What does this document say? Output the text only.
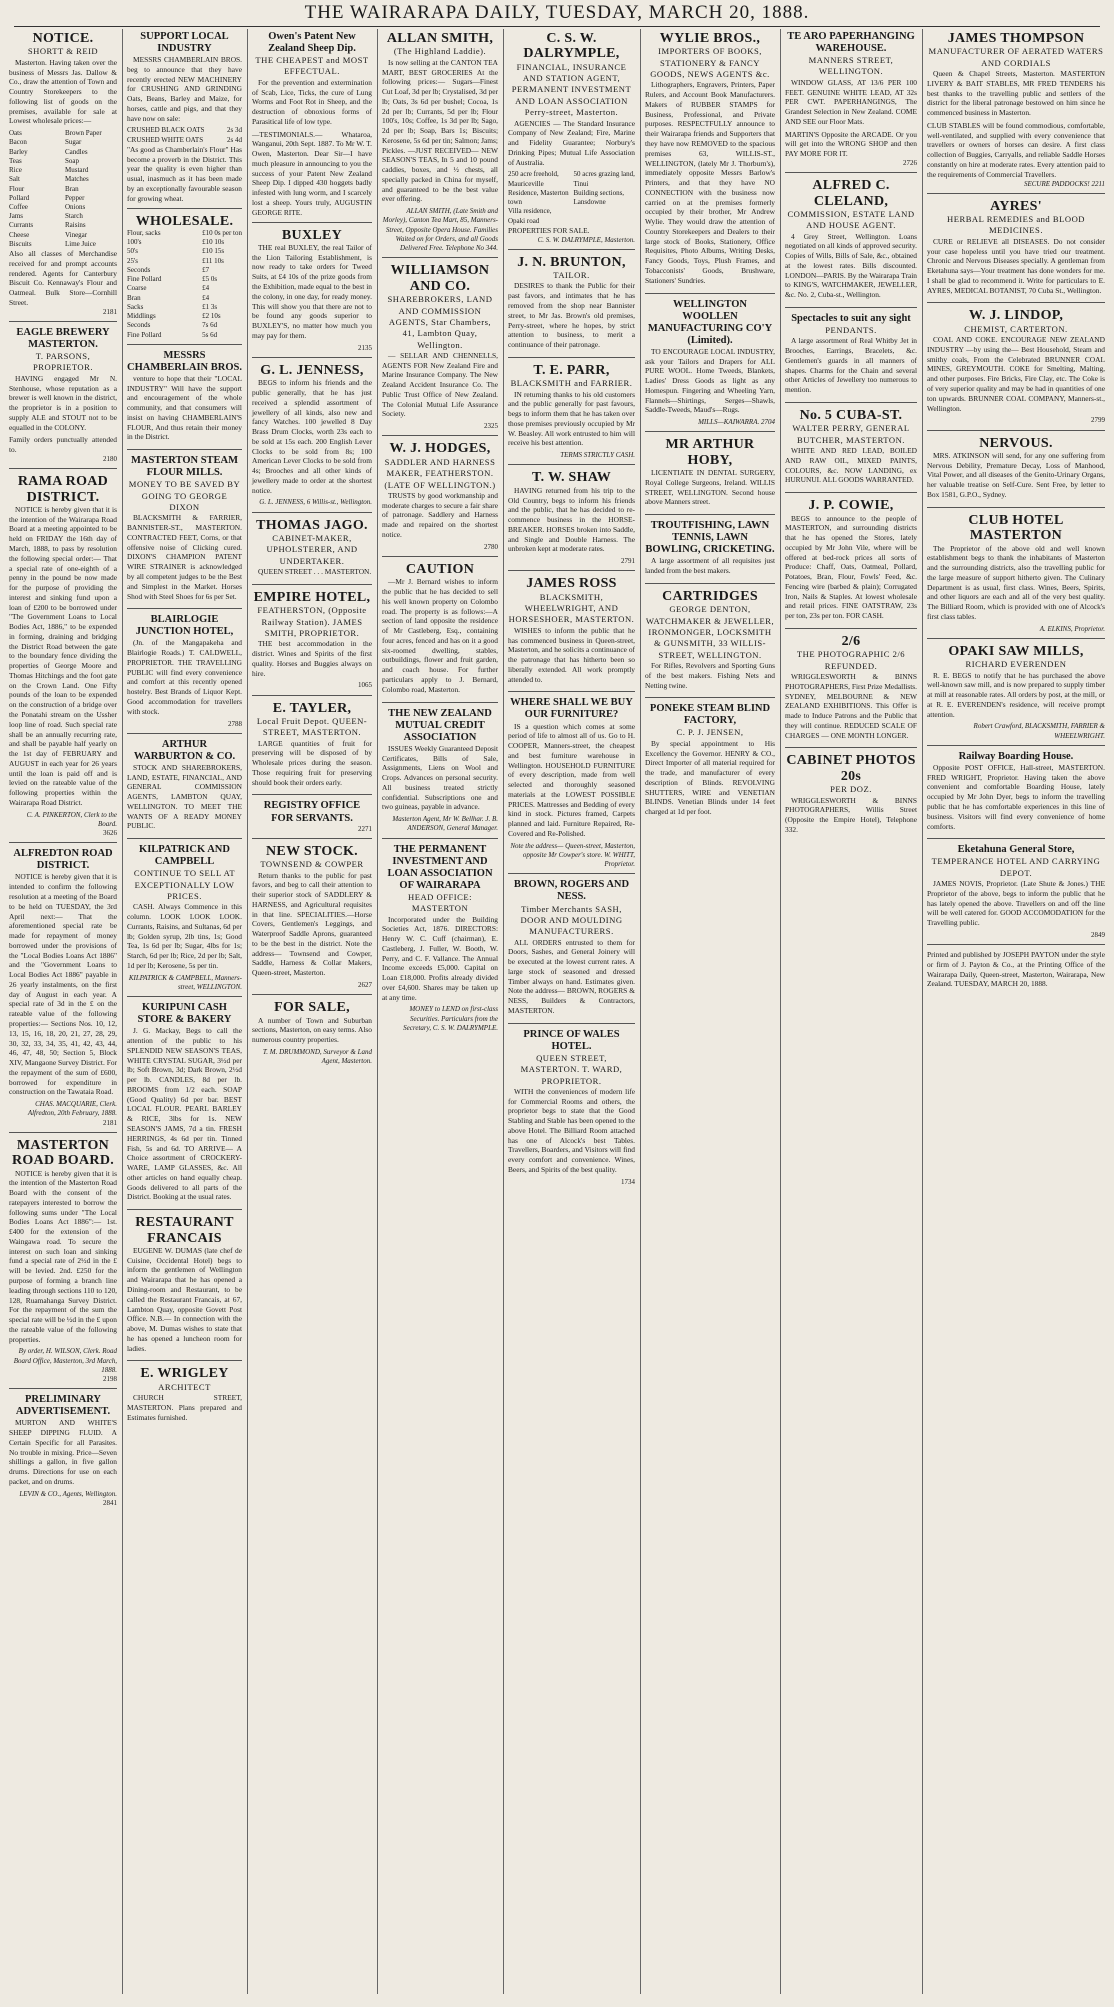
THE WAIRARAPA DAILY, TUESDAY, MARCH 20, 1888.
NOTICE.
SHORTT & REID

Masterton. Having taken over the business of Messrs Jas. Dallow & Co., draw the attention of Town and Country Storekeepers to the following list of goods on the premises, available for sale at Lowest wholesale prices:—

Oats	Brown Paper
Bacon	Sugar
Barley	Candles
Teas	Soap
Rice	Mustard
Salt	Matches
Flour	Bran
Pollard	Pepper
Coffee	Onions
Jams	Starch
Currants	Raisins
Cheese	Vinegar
Biscuits	Lime Juice
Also all classes of Merchandise received for and prompt accounts rendered. Agents for Canterbury Biscuit Co. Kennaway's Flour and Oatmeal. Bulk Store—Cornhill Street.
2181
EAGLE BREWERY MASTERTON.
T. PARSONS, PROPRIETOR.

HAVING engaged Mr N. Stenhouse, whose reputation as a brewer is well known in the district, the proprietor is in a position to supply ALE and STOUT not to be equalled in the COLONY.

Family orders punctually attended to.
2180
RAMA ROAD DISTRICT.

NOTICE is hereby given that it is the intention of the Wairarapa Road Board at a meeting appointed to be held on FRIDAY the 16th day of March, 1888, to pass by resolution the following special order:— That a special rate of one-eighth of a penny in the pound be now made for the purpose of providing the interest and sinking fund upon a loan of £200 to be borrowed under "The Government Loans to Local Bodies Act, 1886," to be expended in forming, draining and bridging the District Road between the gate to the boundary fence dividing the properties of George Moore and Thomas Hitchings and the foot gate on the Crown Land. One Fifty pounds of the loan to be expended on the construction of a bridge over the Ponatahi stream on the Ussher loop line of road. Such special rate shall be an annually recurring rate, and shall be payable half yearly on the 1st day of FEBRUARY and AUGUST in each year for 26 years until the loan is paid off and is levied on the rateable value of the following properties within the Wairarapa Road District.

C. A. PINKERTON, Clerk to the Board.
3626
ALFREDTON ROAD DISTRICT.

NOTICE is hereby given that it is intended to confirm the following resolution at a meeting of the Board to be held on TUESDAY, the 3rd April next:— That the aforementioned special rate be made for repayment of money borrowed under the provisions of the "Local Bodies Loans Act 1886" and the "Government Loans to Local Bodies Act 1886" payable in 26 yearly instalments, on the first day of August in each year. A special rate of 3d in the £ on the rateable value of the following properties:— Sections Nos. 10, 12, 13, 15, 16, 18, 20, 21, 27, 28, 29, 30, 32, 33, 34, 35, 41, 42, 43, 44, 46, 47, 48, 50; Section 5, Block XIV, Mangaone Survey District. For the repayment of the sum of £600, borrowed for expenditure in construction on the Tawataia Road.

CHAS. MACQUARIE, Clerk. Alfredton, 20th February, 1888.
2181
MASTERTON ROAD BOARD.

NOTICE is hereby given that it is the intention of the Masterton Road Board with the consent of the ratepayers interested to borrow the following sums under "The Local Bodies Loans Act 1886":— 1st. £400 for the extension of the Waingawa road. To secure the interest on such loan and sinking fund a special rate of 2½d in the £ will be levied. 2nd. £250 for the purpose of forming a branch line leading through sections 110 to 120, 128, Ruamahanga Survey District. For the repayment of the sum the special rate will be ½d in the £ upon the rateable value of the following properties.

By order, H. WILSON, Clerk. Road Board Office, Masterton, 3rd March, 1888.
2198
PRELIMINARY ADVERTISEMENT.

MURTON AND WHITE'S SHEEP DIPPING FLUID. A Certain Specific for all Parasites. No trouble in mixing. Price—Seven shillings a gallon, in five gallon drums. Directions for use on each packet, and on drums.

LEVIN & CO., Agents, Wellington.
2841
SUPPORT LOCAL INDUSTRY

MESSRS CHAMBERLAIN BROS. beg to announce that they have recently erected NEW MACHINERY for CRUSHING AND GRINDING Oats, Beans, Barley and Maize, for horses, cattle and pigs, and that they have now on sale:

CRUSHED BLACK OATS	2s 3d
CRUSHED WHITE OATS	2s 4d
"As good as Chamberlain's Flour" Has become a proverb in the District. This year the quality is even higher than usual, inasmuch as it has been made by an exceptionally favourable season for growing wheat.
WHOLESALE.
Flour, sacks	£10 0s per ton
100's	£10 10s
50's	£10 15s
25's	£11 10s
Seconds	£7
Fine Pollard	£5 0s
Coarse	£4
Bran	£4
Sacks	£1 3s
Middlings	£2 10s
Seconds	7s 6d
Fine Pollard	5s 6d
MESSRS CHAMBERLAIN BROS.

venture to hope that their "LOCAL INDUSTRY" Will have the support and encouragement of the whole community, and that consumers will insist on having CHAMBERLAIN'S FLOUR, And thus retain their money in the District.

MASTERTON STEAM FLOUR MILLS.
MONEY TO BE SAVED BY GOING TO GEORGE DIXON

BLACKSMITH & FARRIER, BANNISTER-ST., MASTERTON. CONTRACTED FEET, Corns, or that offensive noise of Clicking cured. DIXON'S CHAMPION PATENT WIRE STRAINER is acknowledged by all competent judges to be the Best and Simplest in the Market. Horses Shod with Steel Shoes for 6s per Set.

BLAIRLOGIE JUNCTION HOTEL,

(Jn. of the Mangapakeha and Blairlogie Roads.) T. CALDWELL, PROPRIETOR. THE TRAVELLING PUBLIC will find every convenience and comfort at this recently opened hostelry. Best Brands of Liquor Kept. Good accommodation for travellers with stock.

2788
ARTHUR WARBURTON & CO.

STOCK AND SHAREBROKERS, LAND, ESTATE, FINANCIAL, AND GENERAL COMMISSION AGENTS, LAMBTON QUAY, WELLINGTON. TO MEET THE WANTS OF A READY MONEY PUBLIC.

KILPATRICK AND CAMPBELL
CONTINUE TO SELL AT EXCEPTIONALLY LOW PRICES.

CASH. Always Commence in this column. LOOK LOOK LOOK. Currants, Raisins, and Sultanas, 6d per lb; Golden syrup, 2lb tins, 1s; Good Tea, 1s 6d per lb; Sugar, 4lbs for 1s; Starch, 6d per lb; Rice, 2d per lb; Salt, 1d per lb; Kerosene, 5s per tin.

KILPATRICK & CAMPBELL, Manners-street, WELLINGTON.
KURIPUNI CASH STORE & BAKERY

J. G. Mackay, Begs to call the attention of the public to his SPLENDID NEW SEASON'S TEAS, WHITE CRYSTAL SUGAR, 3½d per lb; Soft Brown, 3d; Dark Brown, 2½d per lb. CANDLES, 8d per lb. BROOMS from 1/2 each. SOAP (Good Quality) 6d per bar. BEST LOCAL FLOUR. PEARL BARLEY & RICE, 3lbs for 1s. NEW SEASON'S JAMS, 7d a tin. FRESH HERRINGS, 4s 6d per tin. Tinned Fish, 5s and 6d. TO ARRIVE— A Choice assortment of CROCKERY-WARE, LAMP GLASSES, &c. All other articles on hand equally cheap. Goods delivered to all parts of the District. Booking at the usual rates.

RESTAURANT FRANCAIS

EUGENE W. DUMAS (late chef de Cuisine, Occidental Hotel) begs to inform the gentlemen of Wellington and Wairarapa that he has opened a Dining-room and Restaurant, to be called the Restaurant Francais, at 67, Lambton Quay, opposite Govett Post Office. N.B.— In connection with the above, M. Dumas wishes to state that he has opened a luncheon room for ladies.

E. WRIGLEY
ARCHITECT

CHURCH STREET, MASTERTON. Plans prepared and Estimates furnished.

Owen's Patent New Zealand Sheep Dip.
THE CHEAPEST and MOST EFFECTUAL.

For the prevention and extermination of Scab, Lice, Ticks, the cure of Lung Worms and Foot Rot in Sheep, and the destruction of obnoxious forms of Parasitical life of low type.

—TESTIMONIALS.— Whataroa, Wanganui, 20th Sept. 1887. To Mr W. T. Owen, Masterton. Dear Sir—I have much pleasure in announcing to you the success of your Patent New Zealand Sheep Dip. I dipped 430 hoggets badly infested with lung worm, and I scarcely lost a sheep. Yours truly, AUGUSTIN GEORGE RITE.
BUXLEY

THE real BUXLEY, the real Tailor of the Lion Tailoring Establishment, is now ready to take orders for Tweed Suits, at £4 10s of the prize goods from the Exhibition, made equal to the best in the colony, in one day, for ready money. This will show you that there are not to be found any goods superior to BUXLEY'S, no matter how much you may pay for them.

2135
G. L. JENNESS,

BEGS to inform his friends and the public generally, that he has just received a splendid assortment of jewellery of all kinds, also new and fancy Watches. 100 jewelled 8 Day Brass Drum Clocks, worth 23s each to be sold at 15s each. 200 English Lever Clocks to be sold from 8s; 100 American Lever Clocks to be sold from 4s; Brooches and all other kinds of jewellery made to order at the shortest notice.

G. L. JENNESS, 6 Willis-st., Wellington.
THOMAS JAGO.
CABINET-MAKER, UPHOLSTERER, AND UNDERTAKER.

QUEEN STREET . . . MASTERTON.

EMPIRE HOTEL,
FEATHERSTON, (Opposite Railway Station). JAMES SMITH, PROPRIETOR.

THE best accommodation in the district. Wines and Spirits of the first quality. Horses and Buggies always on hire.

1065
E. TAYLER,
Local Fruit Depot. QUEEN-STREET, MASTERTON.

LARGE quantities of fruit for preserving will be disposed of by Wholesale prices during the season. Those requiring fruit for preserving should book their orders early.

REGISTRY OFFICE FOR SERVANTS.
2271
NEW STOCK.
TOWNSEND & COWPER

Return thanks to the public for past favors, and beg to call their attention to their superior stock of SADDLERY & HARNESS, and Agricultural requisites in that line. SPECIALITIES.—Horse Covers, Gentlemen's Leggings, and Waterproof Saddle Aprons, guaranteed to be the best in the district. Note the address— Townsend and Cowper, Saddle, Harness & Collar Makers, Queen-street, Masterton.

2627
FOR SALE,

A number of Town and Suburban sections, Masterton, on easy terms. Also numerous country properties.

T. M. DRUMMOND, Surveyor & Land Agent, Masterton.
ALLAN SMITH,
(The Highland Laddie).

Is now selling at the CANTON TEA MART, BEST GROCERIES At the following prices:— Sugars—Finest Cut Loaf, 3d per lb; Crystalised, 3d per lb; Oats, 3s 6d per bushel; Cocoa, 1s 2d per lb; Currants, 5d per lb; Flour 100's, 10s; Coffee, 1s 3d per lb; Sago, 2d per lb; Soap, Bars 1s; Biscuits; Kerosene, 5s 6d per tin; Salmon; Jams; Pickles. —JUST RECEIVED— NEW SEASON'S TEAS, In 5 and 10 pound caddies, boxes, and ½ chests, all specially packed in China for myself, and guaranteed to be the best value ever offering.

ALLAN SMITH, (Late Smith and Morley), Canton Tea Mart, 85, Manners-Street, Opposite Opera House. Families Waited on for Orders, and all Goods Delivered Free. Telephone No 344.
WILLIAMSON AND CO.
SHAREBROKERS, LAND AND COMMISSION AGENTS, Star Chambers, 41, Lambton Quay, Wellington.

— SELLAR AND CHENNELLS, AGENTS FOR New Zealand Fire and Marine Insurance Company. The New Zealand Accident Insurance Co. The Public Trust Office of New Zealand. The Colonial Mutual Life Assurance Society.

2325
W. J. HODGES,
SADDLER AND HARNESS MAKER, FEATHERSTON. (LATE OF WELLINGTON.)

TRUSTS by good workmanship and moderate charges to secure a fair share of patronage. Saddlery and Harness made and repaired on the shortest notice.

2780
CAUTION

—Mr J. Bernard wishes to inform the public that he has decided to sell his well known property on Colombo road. The property is as follows:—A section of land opposite the residence of Mr Castleberg, Esq., containing four acres, fenced and has on it a good six-roomed dwelling, stables, outbuildings, flower and fruit garden, and coach house. For further particulars apply to J. Bernard, Colombo road, Masterton.

THE NEW ZEALAND MUTUAL CREDIT ASSOCIATION

ISSUES Weekly Guaranteed Deposit Certificates, Bills of Sale, Assignments, Liens on Wool and Crops. Advances on personal security. All business treated strictly confidential. Subscriptions one and two guineas, payable in advance.

Masterton Agent, Mr W. Bellhar. J. B. ANDERSON, General Manager.
THE PERMANENT INVESTMENT AND LOAN ASSOCIATION OF WAIRARAPA
HEAD OFFICE: MASTERTON

Incorporated under the Building Societies Act, 1876. DIRECTORS: Henry W. C. Cuff (chairman), E. Castleberg, J. Fuller, W. Booth, W. Perry, and C. F. Vallance. The Annual Income exceeds £5,000. Capital on Loan £18,000. Profits already divided over £4,600. Shares may be taken up at any time.

MONEY to LEND on first-class Securities. Particulars from the Secretary, C. S. W. DALRYMPLE.
C. S. W. DALRYMPLE,
FINANCIAL, INSURANCE AND STATION AGENT, PERMANENT INVESTMENT AND LOAN ASSOCIATION Perry-street, Masterton.

AGENCIES — The Standard Insurance Company of New Zealand; Fire, Marine and Fidelity Guarantee; Norbury's Drinking Pipes; Mutual Life Association of Australia.

250 acre freehold, Mauriceville
50 acres grazing land, Tinui
Residence, Masterton town
Building sections, Lansdowne
Villa residence, Opaki road
PROPERTIES FOR SALE.
C. S. W. DALRYMPLE, Masterton.
J. N. BRUNTON,
TAILOR.

DESIRES to thank the Public for their past favors, and intimates that he has removed from the shop near Bannister street, to Mr Jas. Brown's old premises, Perry-street, where he hopes, by strict attention to business, to merit a continuance of their patronage.

T. E. PARR,
BLACKSMITH and FARRIER.

IN returning thanks to his old customers and the public generally for past favours, begs to inform them that he has taken over those premises previously occupied by Mr W. Beasley. All work entrusted to him will receive his best attention.

TERMS STRICTLY CASH.
T. W. SHAW

HAVING returned from his trip to the Old Country, begs to inform his friends and the public, that he has decided to re-commence business in the HORSE-BREAKER. HORSES broken into Saddle, and Single and Double Harness. The unbroken kept at moderate rates.

2791
JAMES ROSS
BLACKSMITH, WHEELWRIGHT, AND HORSESHOER, MASTERTON.

WISHES to inform the public that he has commenced business in Queen-street, Masterton, and he solicits a continuance of the patronage that has hitherto been so liberally extended. All work promptly attended to.

WHERE SHALL WE BUY OUR FURNITURE?

IS a question which comes at some period of life to almost all of us. Go to H. COOPER, Manners-street, the cheapest and best furniture warehouse in Wellington. HOUSEHOLD FURNITURE of every description, made from well selected and thoroughly seasoned materials at the LOWEST POSSIBLE PRICES. Mattresses and Bedding of every kind in stock. Pictures framed, Carpets planned and laid. Furniture Repaired, Re-Covered and Re-Polished.

Note the address— Queen-street, Masterton, opposite Mr Cowper's store. W. WHITT, Proprietor.
BROWN, ROGERS AND NESS.
Timber Merchants SASH, DOOR AND MOULDING MANUFACTURERS.

ALL ORDERS entrusted to them for Doors, Sashes, and General Joinery will be executed at the lowest current rates. A large stock of seasoned and dressed Timber always on hand. Estimates given. Note the address— BROWN, ROGERS & NESS, Builders & Contractors, MASTERTON.

PRINCE OF WALES HOTEL.
QUEEN STREET, MASTERTON. T. WARD, PROPRIETOR.

WITH the conveniences of modern life for Commercial Rooms and others, the proprietor begs to state that the Good Stabling and Stable has been opened to the above Hotel. The Billiard Room attached has one of Alcock's best Tables. Travellers, Boarders, and Visitors will find every comfort and convenience. Wines, Beers, and Spirits of the best quality.

1734
WYLIE BROS.,
IMPORTERS OF BOOKS, STATIONERY & FANCY GOODS, NEWS AGENTS &c.

Lithographers, Engravers, Printers, Paper Rulers, and Account Book Manufacturers. Makers of RUBBER STAMPS for Business, Professional, and Private purposes. RESPECTFULLY announce to their Wairarapa friends and Supporters that they have now REMOVED to the spacious premises 63, WILLIS-ST., WELLINGTON, (lately Mr J. Thorburn's), immediately opposite Messrs Barlow's Printers, and that they have NO CONNECTION with the business now carried on at the premises formerly occupied by their brother, Mr Andrew Wylie. They would draw the attention of Country Storekeepers and Dealers to their large stock of Books, Stationery, Office Requisites, Photo Albums, Writing Desks, Fancy Goods, Toys, Plush Frames, and Tobacconists' Goods, Brushware, Stationers' Sundries.

WELLINGTON WOOLLEN MANUFACTURING CO'Y (Limited).

TO ENCOURAGE LOCAL INDUSTRY, ask your Tailors and Drapers for ALL PURE WOOL. Home Tweeds, Blankets, Ladies' Dress Goods as light as any Homespun. Fingering and Wheeling Yarn, Flannels—Shirtings, Serges—Shawls, Saddle-Tweeds, Maud's—Rugs.

MILLS—KAIWARRA. 2704
MR ARTHUR HOBY,

LICENTIATE IN DENTAL SURGERY, Royal College Surgeons, Ireland. WILLIS STREET, WELLINGTON. Second house above Manners street.

TROUTFISHING, LAWN TENNIS, LAWN BOWLING, CRICKETING.

A large assortment of all requisites just landed from the best makers.

CARTRIDGES
GEORGE DENTON, WATCHMAKER & JEWELLER, IRONMONGER, LOCKSMITH & GUNSMITH, 33 WILLIS-STREET, WELLINGTON.

For Rifles, Revolvers and Sporting Guns of the best makers. Fishing Nets and Netting twine.

PONEKE STEAM BLIND FACTORY,
C. P. J. JENSEN,

By special appointment to His Excellency the Governor. HENRY & CO., Direct Importer of all material required for the trade, and manufacturer of every description of Blinds. REVOLVING SHUTTERS, WIRE and VENETIAN BLINDS. Venetian Blinds under 14 feet charged at 1d per foot.

TE ARO PAPERHANGING WAREHOUSE.
MANNERS STREET, WELLINGTON.

WINDOW GLASS, AT 13/6 PER 100 FEET. GENUINE WHITE LEAD, AT 32s PER CWT. PAPERHANGINGS, The Grandest Selection in New Zealand. COME AND SEE our Floor Mats.

MARTIN'S Opposite the ARCADE. Or you will get into the WRONG SHOP and then PAY MORE FOR IT.
2726
ALFRED C. CLELAND,
COMMISSION, ESTATE LAND AND HOUSE AGENT.

4 Grey Street, Wellington. Loans negotiated on all kinds of approved security. Copies of Wills, Bills of Sale, &c., obtained at the lowest rates. Bills discounted. LONDON—PARIS. By the Wairarapa Train to KING'S, WATCHMAKER, JEWELLER, &c. No. 2, Cuba-st., Wellington.

Spectacles to suit any sight
PENDANTS.

A large assortment of Real Whitby Jet in Brooches, Earrings, Bracelets, &c. Gentlemen's guards in all manners of shapes. Charms for the Chain and several other Articles of Jewellery too numerous to mention.

No. 5 CUBA-ST.
WALTER PERRY, GENERAL BUTCHER, MASTERTON.

WHITE AND RED LEAD, BOILED AND RAW OIL, MIXED PAINTS, COLOURS, &c. NOW LANDING, ex HURUNUI. ALL GOODS WARRANTED.

J. P. COWIE,

BEGS to announce to the people of MASTERTON, and surrounding districts that he has opened the Stores, lately occupied by Mr John Vile, where will be offered at bed-rock prices all sorts of Produce: Chaff, Oats, Oatmeal, Pollard, Potatoes, Bran, Flour, Fowls' Feed, &c. Fencing wire (barbed & plain); Corrugated Iron, Nails & Staples. At lowest wholesale and retail prices. FINE OATSTRAW, 23s per ton, 23s per ton. FOR CASH.

2/6
THE PHOTOGRAPHIC 2/6 REFUNDED.

WRIGGLESWORTH & BINNS PHOTOGRAPHERS, First Prize Medallists. SYDNEY, MELBOURNE & NEW ZEALAND EXHIBITIONS. This Offer is made to Induce Patrons and the Public that they will continue. REDUCED SCALE OF CHARGES — ONE MONTH LONGER.

CABINET PHOTOS 20s
PER DOZ.

WRIGGLESWORTH & BINNS PHOTOGRAPHERS, Willis Street (Opposite the Empire Hotel), Telephone 332.

JAMES THOMPSON
MANUFACTURER OF AERATED WATERS AND CORDIALS

Queen & Chapel Streets, Masterton. MASTERTON LIVERY & BAIT STABLES, MR FRED TENDERS his best thanks to the travelling public and settlers of the district for the liberal patronage bestowed on him since he commenced business in Masterton.

CLUB STABLES will be found commodious, comfortable, well-ventilated, and supplied with every convenience that travellers or owners of horses can desire. A first class collection of Buggies, Carryalls, and reliable Saddle Horses constantly on hire at moderate rates. Every attention paid to the requirements of Commercial Travellers.
SECURE PADDOCKS! 2211
AYRES'
HERBAL REMEDIES and BLOOD MEDICINES.

CURE or RELIEVE all DISEASES. Do not consider your case hopeless until you have tried our treatment. Chronic and Nervous Diseases specially. A gentleman from Eketahuna says—Your treatment has done wonders for me. I shall be glad to recommend it. Write for particulars to E. AYRES, MEDICAL BOTANIST, 70 Cuba St., Wellington.

W. J. LINDOP,
CHEMIST, CARTERTON.

COAL AND COKE. ENCOURAGE NEW ZEALAND INDUSTRY —by using the— Best Household, Steam and smithy coals, From the Celebrated BRUNNER COAL MINES, GREYMOUTH. COKE for Smelting, Malting, and other purposes. Fire Bricks, Fire Clay, etc. The Coke is of very superior quality and may be had in quantities of one ton upwards. BRUNNER COAL COMPANY, Manners-st., Wellington.

2799
NERVOUS.

MRS. ATKINSON will send, for any one suffering from Nervous Debility, Premature Decay, Loss of Manhood, Vital Power, and all diseases of the Genito-Urinary Organs, her valuable treatise on Self-Cure. Sent Free, by letter to Box 1581, G.P.O., Sydney.

CLUB HOTEL MASTERTON

The Proprietor of the above old and well known establishment begs to thank the inhabitants of Masterton and the surrounding districts, also the travelling public for the large measure of support hitherto given. The Culinary Department is as usual, first class. Wines, Beers, Spirits, and other liquors are each and all of the very best quality. The Billiard Room, which is provided with one of Alcock's first class tables.

A. ELKINS, Proprietor.
OPAKI SAW MILLS,
RICHARD EVERENDEN

R. E. BEGS to notify that he has purchased the above well-known saw mill, and is now prepared to supply timber at mill at reasonable rates. All orders by post, at the mill, or at R. E. EVERENDEN's residence, will receive prompt attention.

Robert Crawford, BLACKSMITH, FARRIER & WHEELWRIGHT.
Railway Boarding House.

Opposite POST OFFICE, Hall-street, MASTERTON. FRED WRIGHT, Proprietor. Having taken the above convenient and comfortable Boarding House, lately occupied by Mr John Dyer, begs to inform the travelling public that he has comfortable experiences in this line of business. Visitors will find every convenience of home comforts.

Eketahuna General Store,
TEMPERANCE HOTEL AND CARRYING DEPOT.

JAMES NOVIS, Proprietor. (Late Shute & Jones.) THE Proprietor of the above, begs to inform the public that he has lately opened the above. Travellers on and off the line will be well catered for. GOOD ACCOMODATION for the Travelling public.

2849
Printed and published by JOSEPH PAYTON under the style or firm of J. Payton & Co., at the Printing Office of the Wairarapa Daily, Queen-street, Masterton, Wairarapa, New Zealand. TUESDAY, MARCH 20, 1888.
